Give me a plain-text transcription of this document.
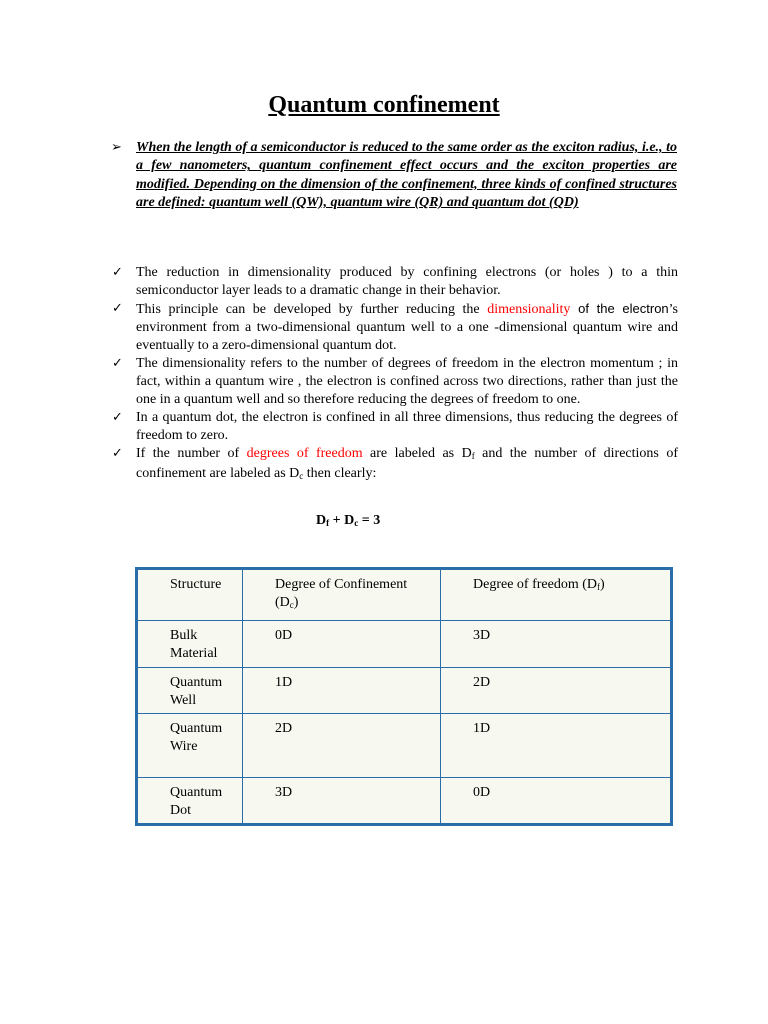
Quantum confinement
➢ When the length of a semiconductor is reduced to the same order as the exciton radius, i.e., to a few nanometers, quantum confinement effect occurs and the exciton properties are modified. Depending on the dimension of the confinement, three kinds of confined structures are defined: quantum well (QW), quantum wire (QR) and quantum dot (QD)

✓ The reduction in dimensionality produced by confining electrons (or holes ) to a thin semiconductor layer leads to a dramatic change in their behavior.
✓ This principle can be developed by further reducing the dimensionality of the electron’s environment from a two-dimensional quantum well to a one -dimensional quantum wire and eventually to a zero-dimensional quantum dot.
✓ The dimensionality refers to the number of degrees of freedom in the electron momentum ; in fact, within a quantum wire , the electron is confined across two directions, rather than just the one in a quantum well and so therefore reducing the degrees of freedom to one.
✓ In a quantum dot, the electron is confined in all three dimensions, thus reducing the degrees of freedom to zero.
✓ If the number of degrees of freedom are labeled as $D_f$ and the number of directions of confinement are labeled as $D_c$ then clearly:
$D_f + D_c = 3$
Structure	Degree of Confinement $(D_c)$	Degree of freedom $(D_f)$
Bulk Material	0D	3D
Quantum Well	1D	2D
Quantum Wire	2D	1D
Quantum Dot	3D	0D
